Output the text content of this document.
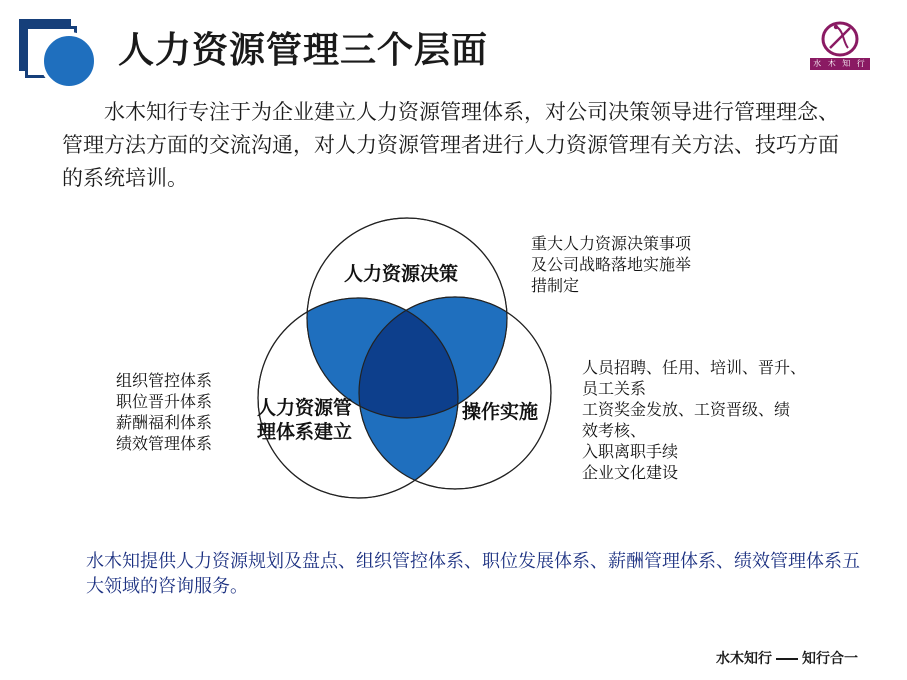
人力资源管理三个层面	水 木 知 行

水木知行专注于为企业建立人力资源管理体系，对公司决策领导进行管理理念、管理方法方面的交流沟通，对人力资源管理者进行人力资源管理有关方法、技巧方面的系统培训。

人力资源决策
人力资源管
理体系建立
操作实施
重大人力资源决策事项
及公司战略落地实施举
措制定
组织管控体系
职位晋升体系
薪酬福利体系
绩效管理体系
人员招聘、任用、培训、晋升、
员工关系
工资奖金发放、工资晋级、绩
效考核、
入职离职手续
企业文化建设

水木知提供人力资源规划及盘点、组织管控体系、职位发展体系、薪酬管理体系、绩效管理体系五大领域的咨询服务。

水木知行 知行合一
